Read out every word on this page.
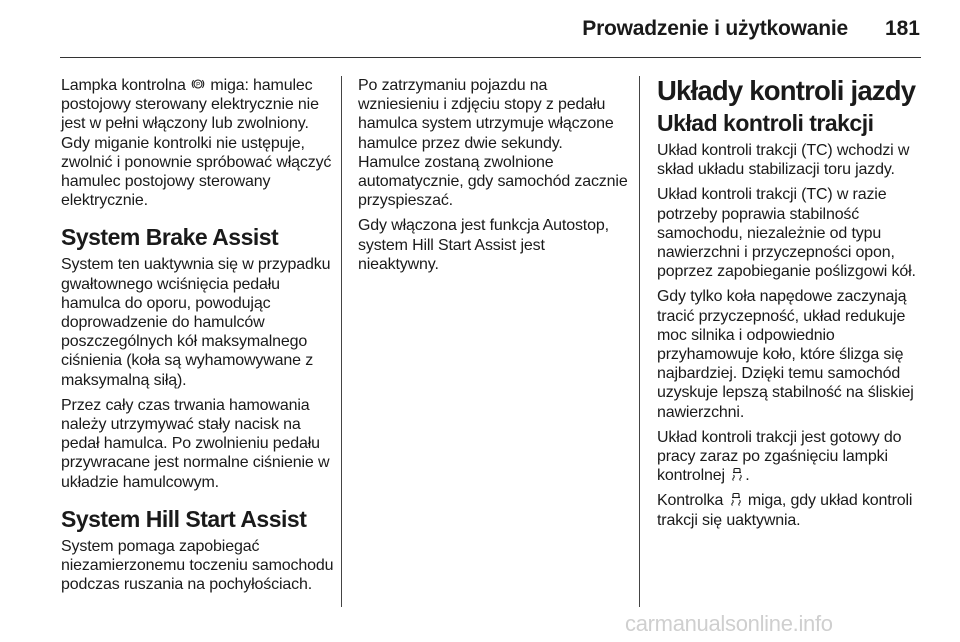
Prowadzenie i użytkowanie	181

Lampka kontrolna P miga: hamulec postojowy sterowany elektrycznie nie jest w pełni włączony lub zwolniony. Gdy miganie kontrolki nie ustępuje, zwolnić i ponownie spróbować włączyć hamulec postojowy sterowany elektrycznie.

System Brake Assist

System ten uaktywnia się w przypadku gwałtownego wciśnięcia pedału hamulca do oporu, powodując doprowadzenie do hamulców poszczególnych kół maksymalnego ciśnienia (koła są wyhamowywane z maksymalną siłą).

Przez cały czas trwania hamowania należy utrzymywać stały nacisk na pedał hamulca. Po zwolnieniu pedału przywracane jest normalne ciśnienie w układzie hamulcowym.

System Hill Start Assist

System pomaga zapobiegać niezamierzonemu toczeniu samochodu podczas ruszania na pochyłościach.

Po zatrzymaniu pojazdu na wzniesieniu i zdjęciu stopy z pedału hamulca system utrzymuje włączone hamulce przez dwie sekundy. Hamulce zostaną zwolnione automatycznie, gdy samochód zacznie przyspieszać.

Gdy włączona jest funkcja Autostop, system Hill Start Assist jest nieaktywny.

Układy kontroli jazdy
Układ kontroli trakcji

Układ kontroli trakcji (TC) wchodzi w skład układu stabilizacji toru jazdy.

Układ kontroli trakcji (TC) w razie potrzeby poprawia stabilność samochodu, niezależnie od typu nawierzchni i przyczepności opon, poprzez zapobieganie poślizgowi kół.

Gdy tylko koła napędowe zaczynają tracić przyczepność, układ redukuje moc silnika i odpowiednio przyhamowuje koło, które ślizga się najbardziej. Dzięki temu samochód uzyskuje lepszą stabilność na śliskiej nawierzchni.

Układ kontroli trakcji jest gotowy do pracy zaraz po zgaśnięciu lampki kontrolnej .

Kontrolka miga, gdy układ kontroli trakcji się uaktywnia.

carmanualsonline.info
